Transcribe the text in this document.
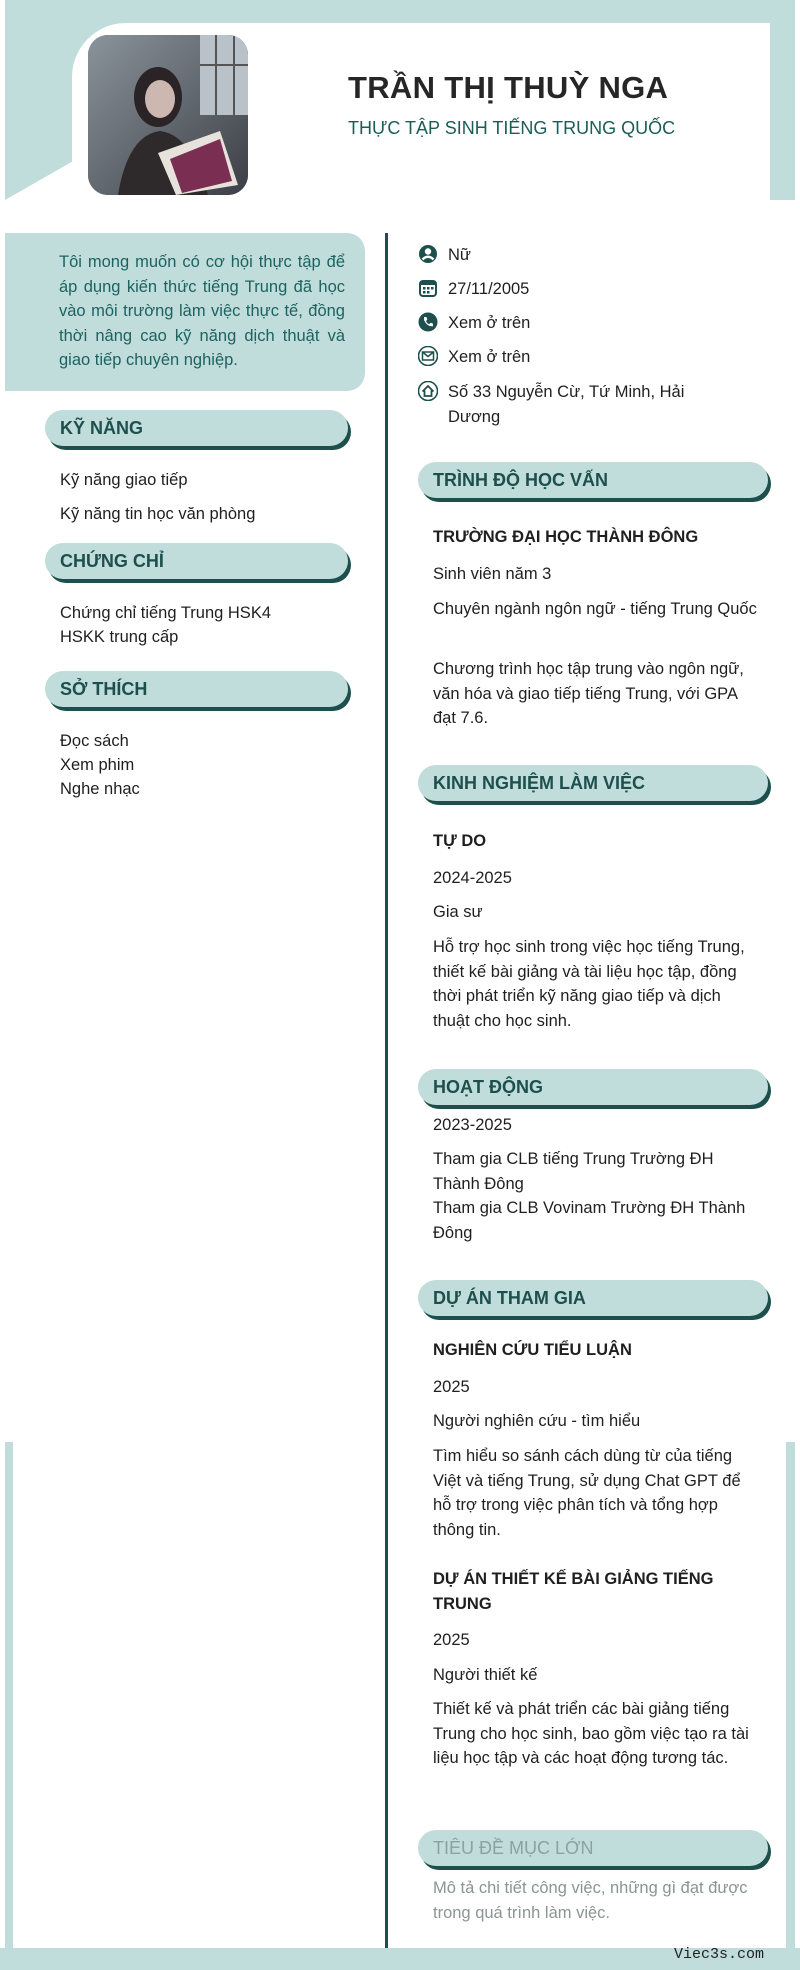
TRẦN THỊ THUỲ NGA
THỰC TẬP SINH TIẾNG TRUNG QUỐC
Tôi mong muốn có cơ hội thực tập để áp dụng kiến thức tiếng Trung đã học vào môi trường làm việc thực tế, đồng thời nâng cao kỹ năng dịch thuật và giao tiếp chuyên nghiệp.
Nữ
27/11/2005
Xem ở trên
Xem ở trên
Số 33 Nguyễn Cừ, Tứ Minh, Hải Dương
KỸ NĂNG
Kỹ năng giao tiếp
Kỹ năng tin học văn phòng
CHỨNG CHỈ
Chứng chỉ tiếng Trung HSK4
HSKK trung cấp
SỞ THÍCH
Đọc sách
Xem phim
Nghe nhạc
TRÌNH ĐỘ HỌC VẤN
TRƯỜNG ĐẠI HỌC THÀNH ĐÔNG
Sinh viên năm 3
Chuyên ngành ngôn ngữ - tiếng Trung Quốc
Chương trình học tập trung vào ngôn ngữ, văn hóa và giao tiếp tiếng Trung, với GPA đạt 7.6.
KINH NGHIỆM LÀM VIỆC
TỰ DO
2024-2025
Gia sư
Hỗ trợ học sinh trong việc học tiếng Trung, thiết kế bài giảng và tài liệu học tập, đồng thời phát triển kỹ năng giao tiếp và dịch thuật cho học sinh.
HOẠT ĐỘNG
2023-2025
Tham gia CLB tiếng Trung Trường ĐH Thành Đông
Tham gia CLB Vovinam Trường ĐH Thành Đông
DỰ ÁN THAM GIA
NGHIÊN CỨU TIỂU LUẬN
2025
Người nghiên cứu - tìm hiểu
Tìm hiểu so sánh cách dùng từ của tiếng Việt và tiếng Trung, sử dụng Chat GPT để hỗ trợ trong việc phân tích và tổng hợp thông tin.
DỰ ÁN THIẾT KẾ BÀI GIẢNG TIẾNG TRUNG
2025
Người thiết kế
Thiết kế và phát triển các bài giảng tiếng Trung cho học sinh, bao gồm việc tạo ra tài liệu học tập và các hoạt động tương tác.
TIÊU ĐỀ MỤC LỚN
Mô tả chi tiết công việc, những gì đạt được trong quá trình làm việc.
Viec3s.com
